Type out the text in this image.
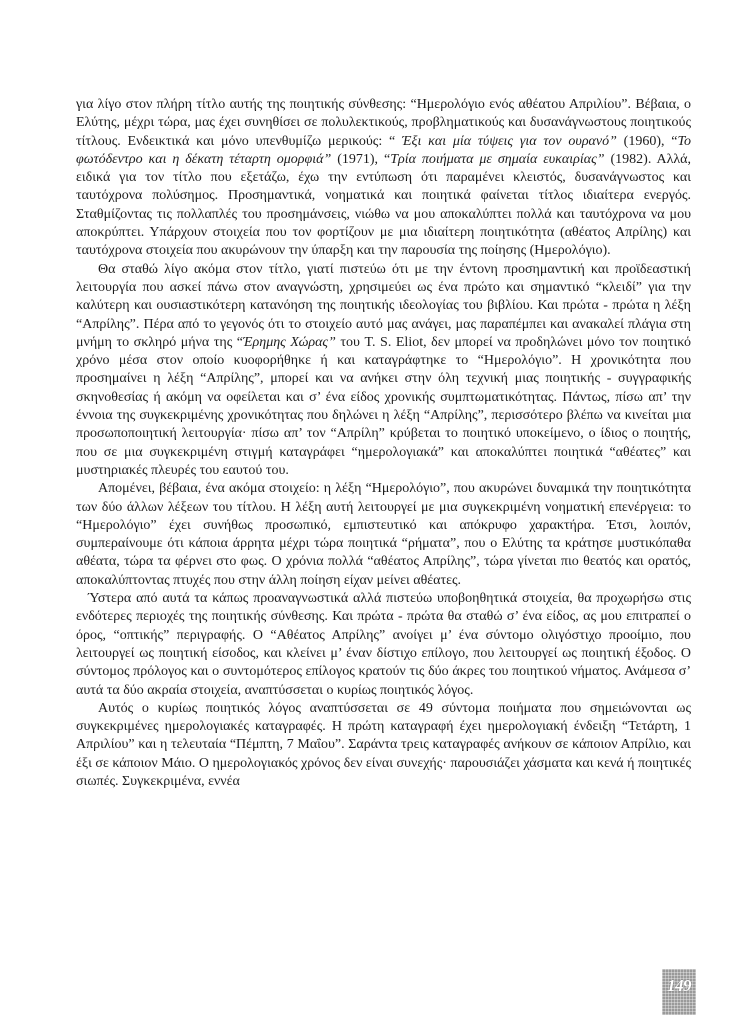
για λίγο στον πλήρη τίτλο αυτής της ποιητικής σύνθεσης: “Ημερολόγιο ενός αθέατου Απριλίου”. Βέβαια, ο Ελύτης, μέχρι τώρα, μας έχει συνηθίσει σε πολυλεκτικούς, προβληματικούς και δυσανάγνωστους ποιητικούς τίτλους. Ενδεικτικά και μόνο υπενθυμίζω μερικούς: “ Έξι και μία τύψεις για τον ουρανό” (1960), “Το φωτόδεντρο και η δέκατη τέταρτη ομορφιά” (1971), “Τρία ποιήματα με σημαία ευκαιρίας” (1982). Αλλά, ειδικά για τον τίτλο που εξετάζω, έχω την εντύπωση ότι παραμένει κλειστός, δυσανάγνωστος και ταυτόχρονα πολύσημος. Προσημαντικά, νοηματικά και ποιητικά φαίνεται τίτλος ιδιαίτερα ενεργός. Σταθμίζοντας τις πολλαπλές του προσημάνσεις, νιώθω να μου αποκαλύπτει πολλά και ταυτόχρονα να μου αποκρύπτει. Υπάρχουν στοιχεία που τον φορτίζουν με μια ιδιαίτερη ποιητικότητα (αθέατος Απρίλης) και ταυτόχρονα στοιχεία που ακυρώνουν την ύπαρξη και την παρουσία της ποίησης (Ημερολόγιο).

Θα σταθώ λίγο ακόμα στον τίτλο, γιατί πιστεύω ότι με την έντονη προσημαντική και προϊδεαστική λειτουργία που ασκεί πάνω στον αναγνώστη, χρησιμεύει ως ένα πρώτο και σημαντικό “κλειδί” για την καλύτερη και ουσιαστικότερη κατανόηση της ποιητικής ιδεολογίας του βιβλίου. Και πρώτα - πρώτα η λέξη “Απρίλης”. Πέρα από το γεγονός ότι το στοιχείο αυτό μας ανάγει, μας παραπέμπει και ανακαλεί πλάγια στη μνήμη το σκληρό μήνα της “Έρημης Χώρας” του T. S. Eliot, δεν μπορεί να προδηλώνει μόνο τον ποιητικό χρόνο μέσα στον οποίο κυοφορήθηκε ή και καταγράφτηκε το “Ημερολόγιο”. Η χρονικότητα που προσημαίνει η λέξη “Απρίλης”, μπορεί και να ανήκει στην όλη τεχνική μιας ποιητικής - συγγραφικής σκηνοθεσίας ή ακόμη να οφείλεται και σ’ ένα είδος χρονικής συμπτωματικότητας. Πάντως, πίσω απ’ την έννοια της συγκεκριμένης χρονικότητας που δηλώνει η λέξη “Απρίλης”, περισσότερο βλέπω να κινείται μια προσωποποιητική λειτουργία· πίσω απ’ τον “Απρίλη” κρύβεται το ποιητικό υποκείμενο, ο ίδιος ο ποιητής, που σε μια συγκεκριμένη στιγμή καταγράφει “ημερολογιακά” και αποκαλύπτει ποιητικά “αθέατες” και μυστηριακές πλευρές του εαυτού του.

Απομένει, βέβαια, ένα ακόμα στοιχείο: η λέξη “Ημερολόγιο”, που ακυρώνει δυναμικά την ποιητικότητα των δύο άλλων λέξεων του τίτλου. Η λέξη αυτή λειτουργεί με μια συγκεκριμένη νοηματική επενέργεια: το “Ημερολόγιο” έχει συνήθως προσωπικό, εμπιστευτικό και απόκρυφο χαρακτήρα. Έτσι, λοιπόν, συμπεραίνουμε ότι κάποια άρρητα μέχρι τώρα ποιητικά “ρήματα”, που ο Ελύτης τα κράτησε μυστικόπαθα αθέατα, τώρα τα φέρνει στο φως. Ο χρόνια πολλά “αθέατος Απρίλης”, τώρα γίνεται πιο θεατός και ορατός, αποκαλύπτοντας πτυχές που στην άλλη ποίηση είχαν μείνει αθέατες.

Ύστερα από αυτά τα κάπως προαναγνωστικά αλλά πιστεύω υποβοηθητικά στοιχεία, θα προχωρήσω στις ενδότερες περιοχές της ποιητικής σύνθεσης. Και πρώτα - πρώτα θα σταθώ σ’ ένα είδος, ας μου επιτραπεί ο όρος, “οπτικής” περιγραφής. Ο “Αθέατος Απρίλης” ανοίγει μ’ ένα σύντομο ολιγόστιχο προοίμιο, που λειτουργεί ως ποιητική είσοδος, και κλείνει μ’ έναν δίστιχο επίλογο, που λειτουργεί ως ποιητική έξοδος. Ο σύντομος πρόλογος και ο συντομότερος επίλογος κρατούν τις δύο άκρες του ποιητικού νήματος. Ανάμεσα σ’ αυτά τα δύο ακραία στοιχεία, αναπτύσσεται ο κυρίως ποιητικός λόγος.

Αυτός ο κυρίως ποιητικός λόγος αναπτύσσεται σε 49 σύντομα ποιήματα που σημειώνονται ως συγκεκριμένες ημερολογιακές καταγραφές. Η πρώτη καταγραφή έχει ημερολογιακή ένδειξη “Τετάρτη, 1 Απριλίου” και η τελευταία “Πέμπτη, 7 Μαΐου”. Σαράντα τρεις καταγραφές ανήκουν σε κάποιον Απρίλιο, και έξι σε κάποιον Μάιο. Ο ημερολογιακός χρόνος δεν είναι συνεχής· παρουσιάζει χάσματα και κενά ή ποιητικές σιωπές. Συγκεκριμένα, εννέα

149
